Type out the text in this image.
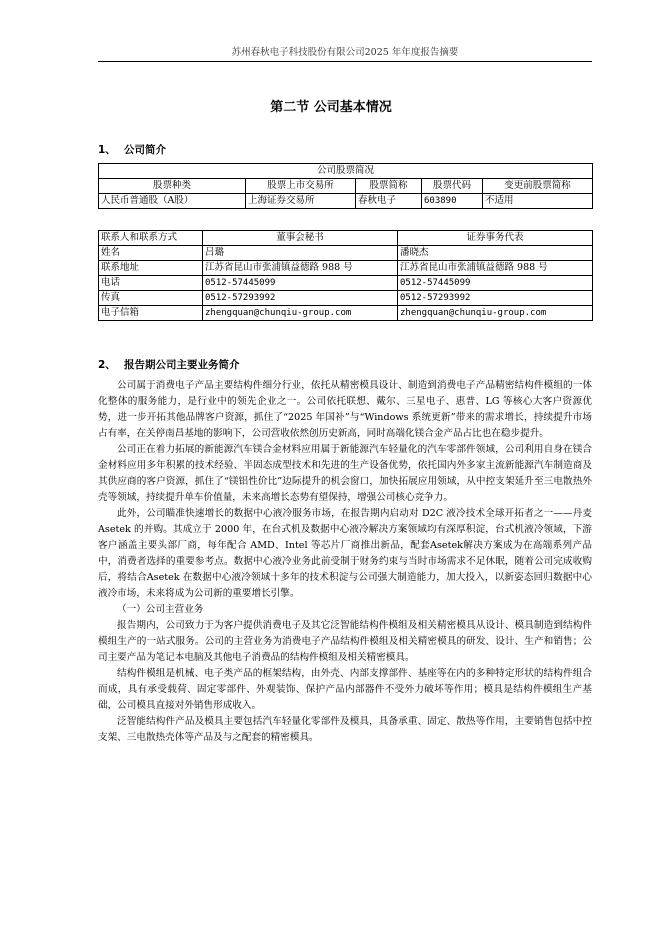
苏州春秋电子科技股份有限公司2025 年年度报告摘要
第二节 公司基本情况
1、 公司简介
公司股票简况				
股票种类	股票上市交易所	股票简称	股票代码	变更前股票简称
人民币普通股（A股）	上海证券交易所	春秋电子	603890	不适用
联系人和联系方式	董事会秘书	证券事务代表
姓名	吕璐	潘晓杰
联系地址	江苏省昆山市张浦镇益德路 988 号	江苏省昆山市张浦镇益德路 988 号
电话	0512-57445099	0512-57445099
传真	0512-57293992	0512-57293992
电子信箱	zhengquan@chunqiu-group.com	zhengquan@chunqiu-group.com
2、 报告期公司主要业务简介

公司属于消费电子产品主要结构件细分行业，依托从精密模具设计、制造到消费电子产品精密结构件模组的一体化整体的服务能力，是行业中的领先企业之一。公司依托联想、戴尔、三星电子、惠普、LG 等核心大客户资源优势，进一步开拓其他品牌客户资源，抓住了“2025 年国补”与“Windows 系统更新”带来的需求增长，持续提升市场占有率，在关停南昌基地的影响下，公司营收依然创历史新高，同时高端化镁合金产品占比也在稳步提升。

公司正在着力拓展的新能源汽车镁合金材料应用属于新能源汽车轻量化的汽车零部件领域，公司利用自身在镁合金材料应用多年积累的技术经验、半固态成型技术和先进的生产设备优势，依托国内外多家主流新能源汽车制造商及其供应商的客户资源，抓住了“镁铝性价比”边际提升的机会窗口，加快拓展应用领域，从中控支架延升至三电散热外壳等领域，持续提升单车价值量，未来高增长态势有望保持，增强公司核心竞争力。

此外，公司瞄准快速增长的数据中心液冷服务市场，在报告期内启动对 D2C 液冷技术全球开拓者之一——丹麦 Asetek 的并购。其成立于 2000 年，在台式机及数据中心液冷解决方案领域均有深厚积淀，台式机液冷领域，下游客户涵盖主要头部厂商，每年配合 AMD、Intel 等芯片厂商推出新品，配套Asetek解决方案成为在高端系列产品中，消费者选择的重要参考点。数据中心液冷业务此前受制于财务约束与当时市场需求不足休眠，随着公司完成收购后，将结合Asetek 在数据中心液冷领域十多年的技术积淀与公司强大制造能力，加大投入，以新姿态回归数据中心液冷市场，未来将成为公司新的重要增长引擎。

（一）公司主营业务

报告期内，公司致力于为客户提供消费电子及其它泛智能结构件模组及相关精密模具从设计、模具制造到结构件模组生产的一站式服务。公司的主营业务为消费电子产品结构件模组及相关精密模具的研发、设计、生产和销售；公司主要产品为笔记本电脑及其他电子消费品的结构件模组及相关精密模具。

结构件模组是机械、电子类产品的框架结构，由外壳、内部支撑部件、基座等在内的多种特定形状的结构件组合而成，具有承受载荷、固定零部件、外观装饰、保护产品内部器件不受外力破坏等作用；模具是结构件模组生产基础，公司模具直接对外销售形成收入。

泛智能结构件产品及模具主要包括汽车轻量化零部件及模具，具备承重、固定、散热等作用，主要销售包括中控支架、三电散热壳体等产品及与之配套的精密模具。
